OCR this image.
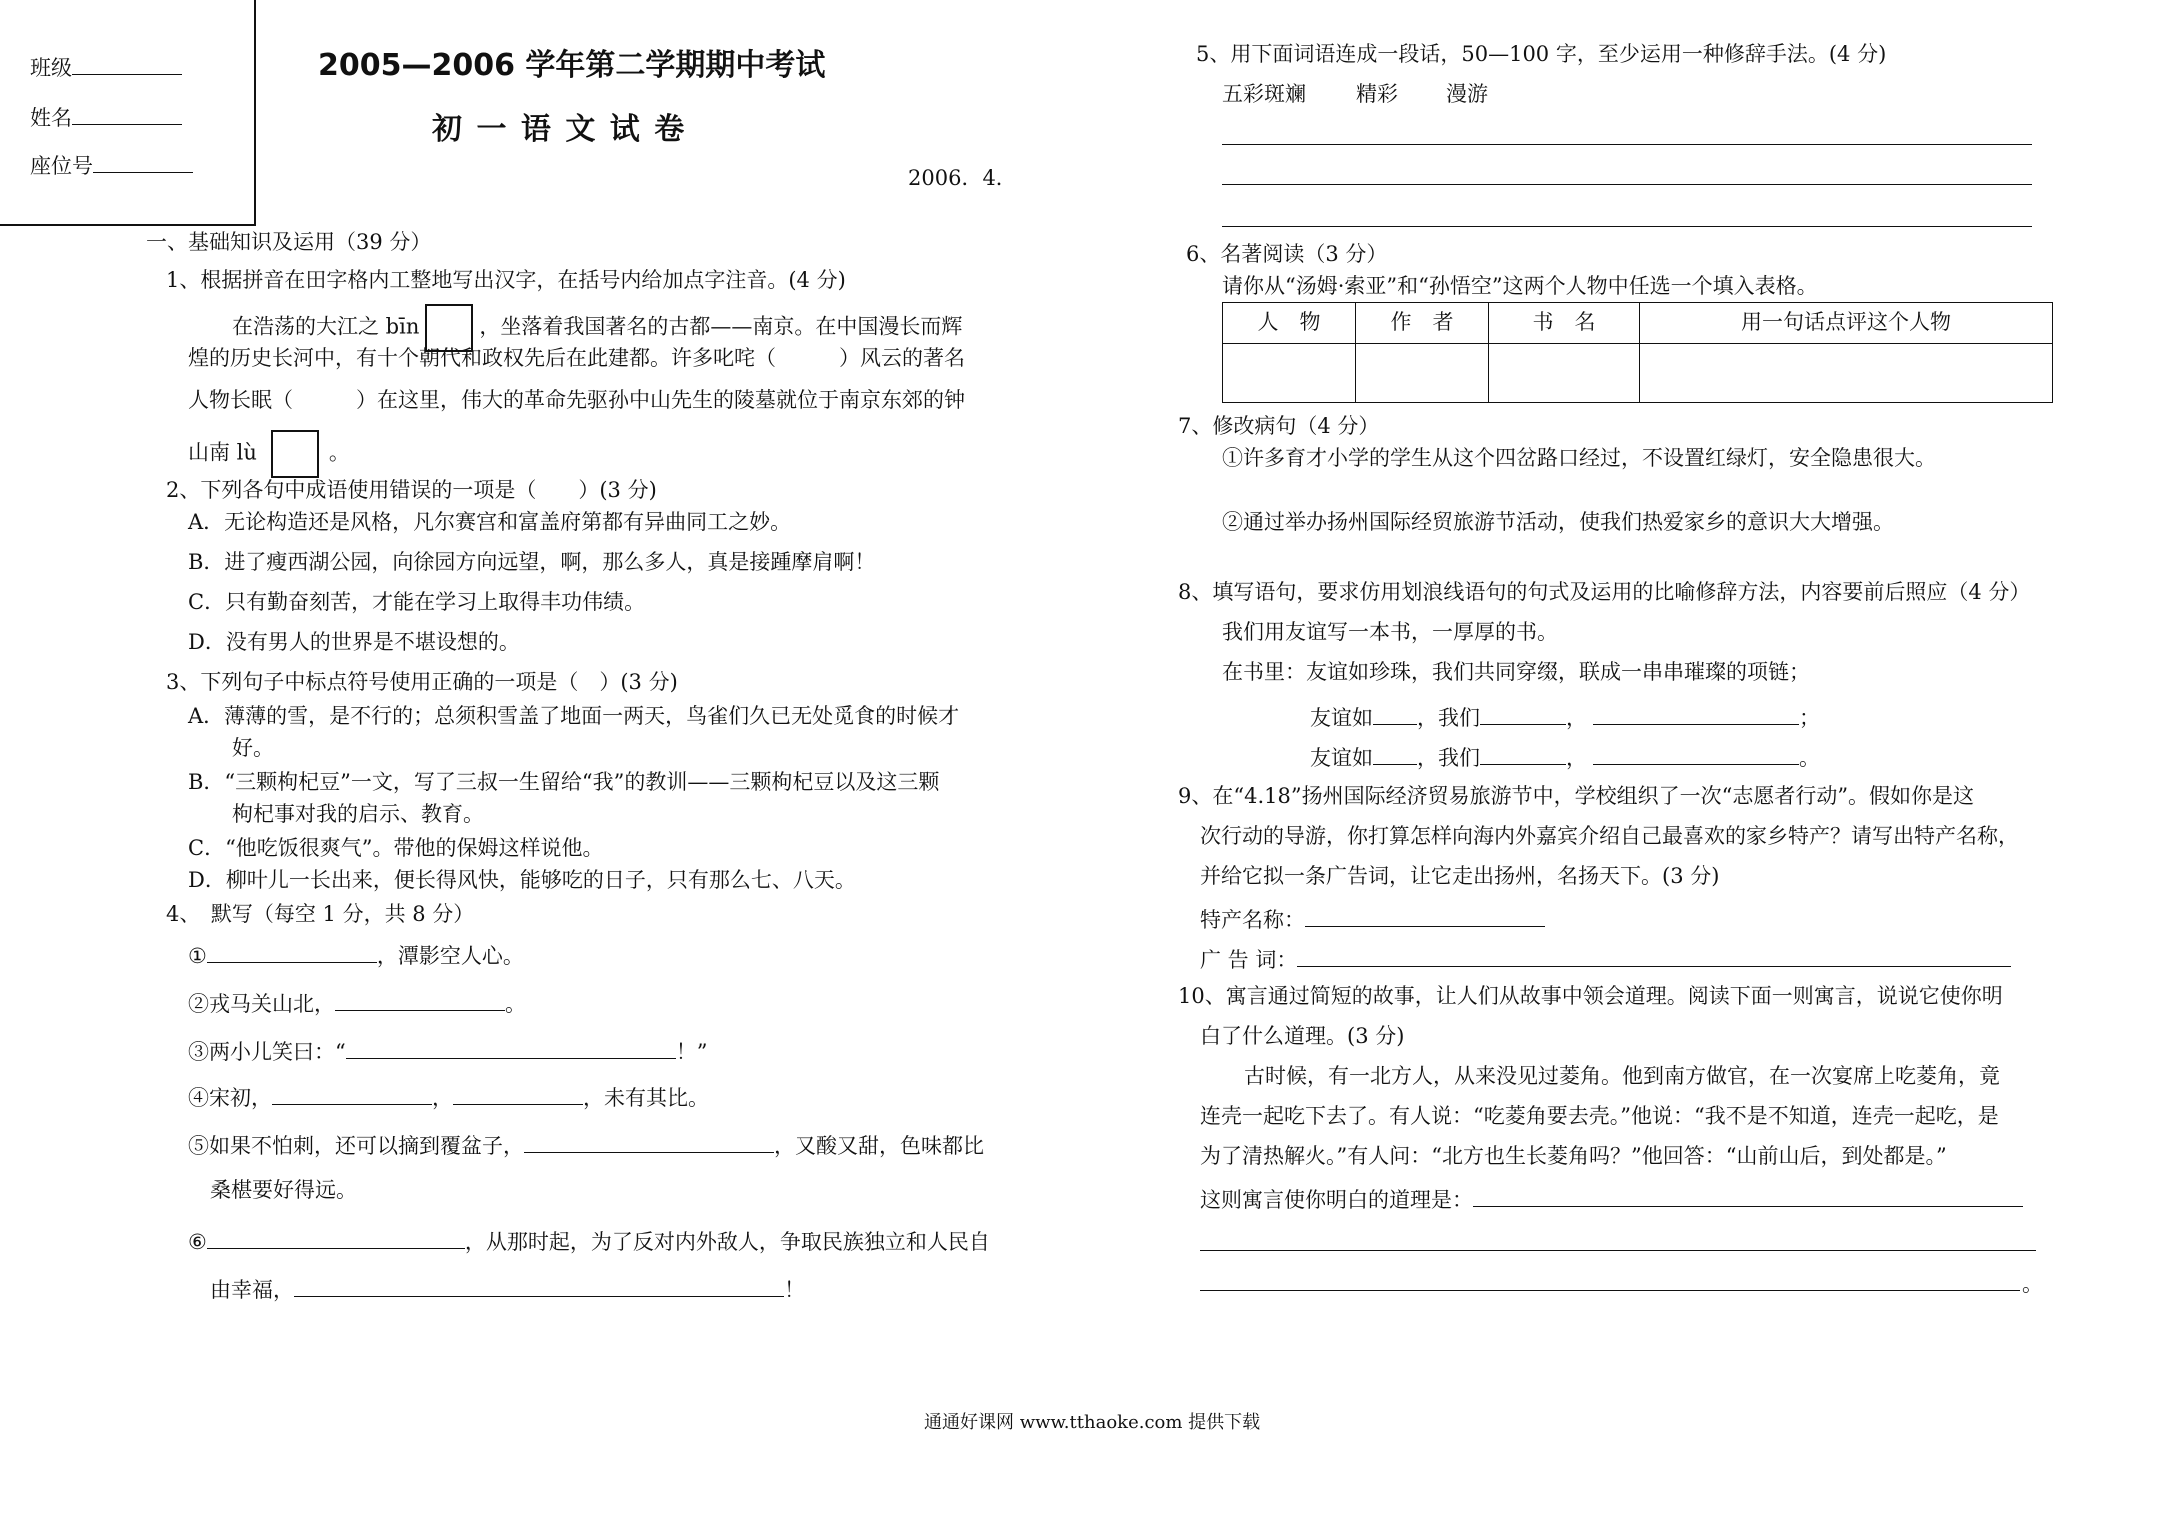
班级
姓名
座位号
2005—2006 学年第二学期期中考试
初 一 语 文 试 卷
2006．4．
一、基础知识及运用（39 分）
1、根据拼音在田字格内工整地写出汉字，在括号内给加点字注音。(4 分)
在浩荡的大江之 bīn	，坐落着我国著名的古都——南京。在中国漫长而辉
煌的历史长河中，有十个朝代和政权先后在此建都。许多叱咤（　　　）风云的著名
人物长眠（　　　）在这里，伟大的革命先驱孙中山先生的陵墓就位于南京东郊的钟
山南 lù	。
2、下列各句中成语使用错误的一项是（　　）(3 分)
A．无论构造还是风格，凡尔赛宫和富盖府第都有异曲同工之妙。
B．进了瘦西湖公园，向徐园方向远望，啊，那么多人，真是接踵摩肩啊！
C．只有勤奋刻苦，才能在学习上取得丰功伟绩。
D．没有男人的世界是不堪设想的。
3、下列句子中标点符号使用正确的一项是（　）(3 分)
A．薄薄的雪，是不行的；总须积雪盖了地面一两天，鸟雀们久已无处觅食的时候才
好。
B．“三颗枸杞豆”一文，写了三叔一生留给“我”的教训——三颗枸杞豆以及这三颗
枸杞事对我的启示、教育。
C．“他吃饭很爽气”。带他的保姆这样说他。
D．柳叶儿一长出来，便长得风快，能够吃的日子，只有那么七、八天。
4、　默写（每空 1 分，共 8 分）
①	，潭影空人心。
②戎马关山北，	。
③两小儿笑曰：“	！”
④宋初，	，	，未有其比。
⑤如果不怕刺，还可以摘到覆盆子，	，又酸又甜，色味都比
桑椹要好得远。
⑥	，从那时起，为了反对内外敌人，争取民族独立和人民自
由幸福，	！
5、用下面词语连成一段话，50—100 字，至少运用一种修辞手法。(4 分)
五彩斑斓 精彩 漫游
6、名著阅读（3 分）
请你从“汤姆·索亚”和“孙悟空”这两个人物中任选一个填入表格。
人　物	作　者	书　名	用一句话点评这个人物

7、修改病句（4 分）
①许多育才小学的学生从这个四岔路口经过，不设置红绿灯，安全隐患很大。
②通过举办扬州国际经贸旅游节活动，使我们热爱家乡的意识大大增强。
8、填写语句，要求仿用划浪线语句的句式及运用的比喻修辞方法，内容要前后照应（4 分）
我们用友谊写一本书，一厚厚的书。
在书里：友谊如珍珠，我们共同穿缀，联成一串串璀璨的项链；
友谊如 ，我们	，	；
友谊如 ，我们	，	。
9、在“4.18”扬州国际经济贸易旅游节中，学校组织了一次“志愿者行动”。假如你是这
次行动的导游，你打算怎样向海内外嘉宾介绍自己最喜欢的家乡特产？请写出特产名称，
并给它拟一条广告词，让它走出扬州，名扬天下。(3 分)
特产名称：
广 告 词：
10、寓言通过简短的故事，让人们从故事中领会道理。阅读下面一则寓言，说说它使你明
白了什么道理。(3 分)
古时候，有一北方人，从来没见过菱角。他到南方做官，在一次宴席上吃菱角，竟
连壳一起吃下去了。有人说：“吃菱角要去壳。”他说：“我不是不知道，连壳一起吃，是
为了清热解火。”有人问：“北方也生长菱角吗？”他回答：“山前山后，到处都是。”
这则寓言使你明白的道理是：
。
通通好课网 www.tthaoke.com 提供下载
